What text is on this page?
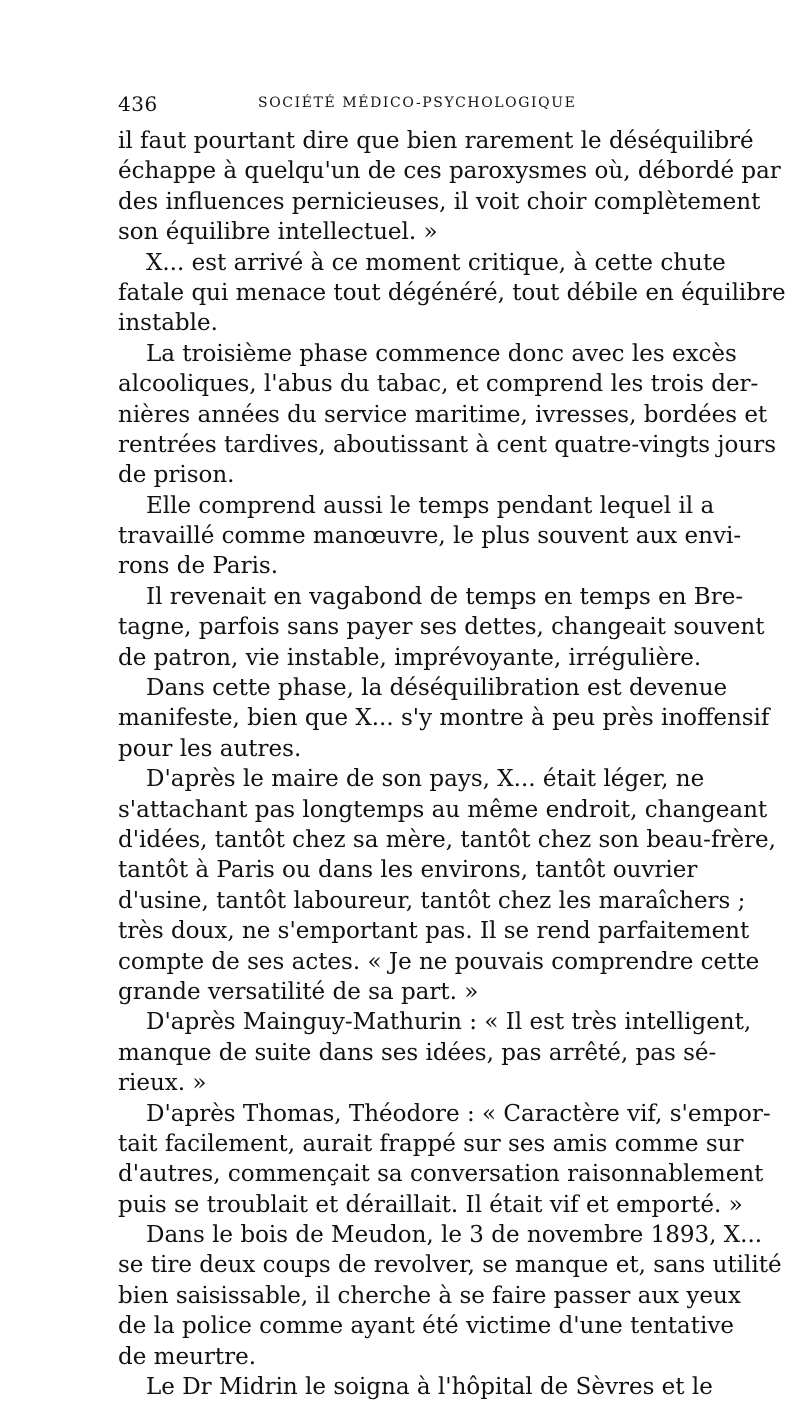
436	SOCIÉTÉ MÉDICO-PSYCHOLOGIQUE
il faut pourtant dire que bien rarement le déséquilibré
échappe à quelqu'un de ces paroxysmes où, débordé par
des influences pernicieuses, il voit choir complètement
son équilibre intellectuel. »
X... est arrivé à ce moment critique, à cette chute
fatale qui menace tout dégénéré, tout débile en équilibre
instable.
La troisième phase commence donc avec les excès
alcooliques, l'abus du tabac, et comprend les trois der-
nières années du service maritime, ivresses, bordées et
rentrées tardives, aboutissant à cent quatre-vingts jours
de prison.
Elle comprend aussi le temps pendant lequel il a
travaillé comme manœuvre, le plus souvent aux envi-
rons de Paris.
Il revenait en vagabond de temps en temps en Bre-
tagne, parfois sans payer ses dettes, changeait souvent
de patron, vie instable, imprévoyante, irrégulière.
Dans cette phase, la déséquilibration est devenue
manifeste, bien que X... s'y montre à peu près inoffensif
pour les autres.
D'après le maire de son pays, X... était léger, ne
s'attachant pas longtemps au même endroit, changeant
d'idées, tantôt chez sa mère, tantôt chez son beau-frère,
tantôt à Paris ou dans les environs, tantôt ouvrier
d'usine, tantôt laboureur, tantôt chez les maraîchers ;
très doux, ne s'emportant pas. Il se rend parfaitement
compte de ses actes. « Je ne pouvais comprendre cette
grande versatilité de sa part. »
D'après Mainguy-Mathurin : « Il est très intelligent,
manque de suite dans ses idées, pas arrêté, pas sé-
rieux. »
D'après Thomas, Théodore : « Caractère vif, s'empor-
tait facilement, aurait frappé sur ses amis comme sur
d'autres, commençait sa conversation raisonnablement
puis se troublait et déraillait. Il était vif et emporté. »
Dans le bois de Meudon, le 3 de novembre 1893, X...
se tire deux coups de revolver, se manque et, sans utilité
bien saisissable, il cherche à se faire passer aux yeux
de la police comme ayant été victime d'une tentative
de meurtre.
Le Dr Midrin le soigna à l'hôpital de Sèvres et le
